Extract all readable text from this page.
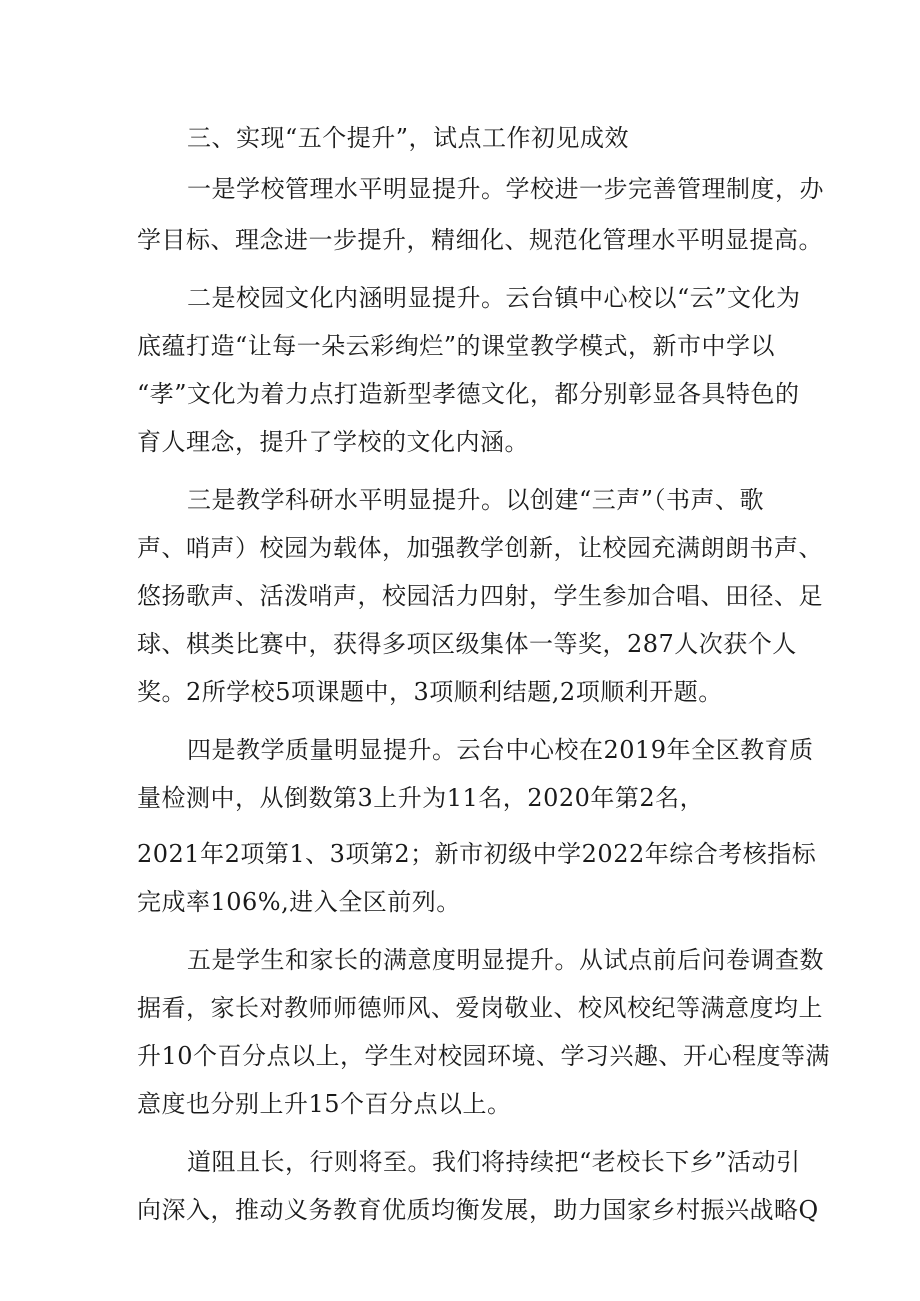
三、实现“五个提升”，试点工作初见成效
一是学校管理水平明显提升。学校进一步完善管理制度，办
学目标、理念进一步提升，精细化、规范化管理水平明显提高。
二是校园文化内涵明显提升。云台镇中心校以“云”文化为
底蕴打造“让每一朵云彩绚烂”的课堂教学模式，新市中学以
“孝”文化为着力点打造新型孝德文化，都分别彰显各具特色的
育人理念，提升了学校的文化内涵。
三是教学科研水平明显提升。以创建“三声”（书声、歌
声、哨声）校园为载体，加强教学创新，让校园充满朗朗书声、
悠扬歌声、活泼哨声，校园活力四射，学生参加合唱、田径、足
球、棋类比赛中，获得多项区级集体一等奖，287人次获个人
奖。2所学校5项课题中，3项顺利结题,2项顺利开题。
四是教学质量明显提升。云台中心校在2019年全区教育质
量检测中，从倒数第3上升为11名，2020年第2名，
2021年2项第1、3项第2；新市初级中学2022年综合考核指标
完成率106%,进入全区前列。
五是学生和家长的满意度明显提升。从试点前后问卷调查数
据看，家长对教师师德师风、爱岗敬业、校风校纪等满意度均上
升10个百分点以上，学生对校园环境、学习兴趣、开心程度等满
意度也分别上升15个百分点以上。
道阻且长，行则将至。我们将持续把“老校长下乡”活动引
向深入，推动义务教育优质均衡发展，助力国家乡村振兴战略Q
